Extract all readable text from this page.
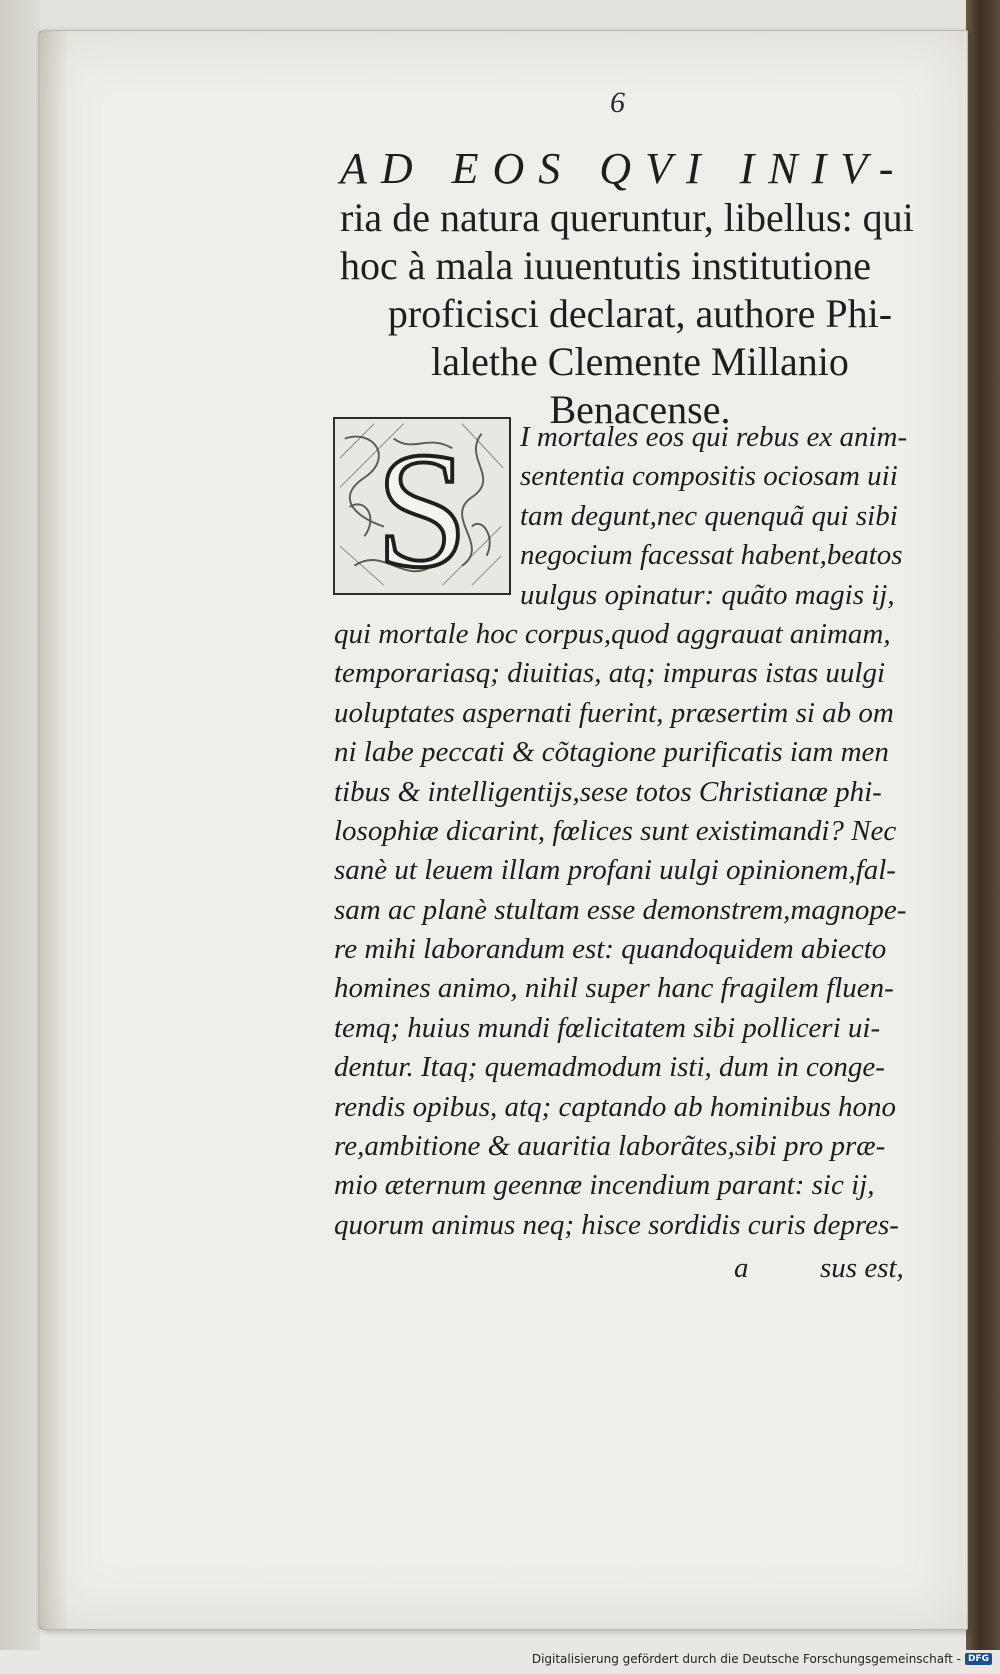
6
AD EOS QVI INIV-
ria de natura queruntur, libellus: qui
hoc à mala iuuentutis institutione
proficisci declarat, authore Phi-
lalethe Clemente Millanio
Benacense.
S	I mortales eos qui rebus ex anim-
sententia compositis ociosam uii
tam degunt,nec quenquã qui sibi
negocium facessat habent,beatos
uulgus opinatur: quãto magis ij,
qui mortale hoc corpus,quod aggrauat animam,
temporariasq; diuitias, atq; impuras istas uulgi
uoluptates aspernati fuerint, præsertim si ab om
ni labe peccati & cõtagione purificatis iam men
tibus & intelligentijs,sese totos Christianæ phi-
losophiæ dicarint, fœlices sunt existimandi? Nec
sanè ut leuem illam profani uulgi opinionem,fal-
sam ac planè stultam esse demonstrem,magnope-
re mihi laborandum est: quandoquidem abiecto
homines animo, nihil super hanc fragilem fluen-
temq; huius mundi fœlicitatem sibi polliceri ui-
dentur. Itaq; quemadmodum isti, dum in conge-
rendis opibus, atq; captando ab hominibus hono
re,ambitione & auaritia laborãtes,sibi pro præ-
mio æternum geennæ incendium parant: sic ij,
quorum animus neq; hisce sordidis curis depres-
a sus est,
Digitalisierung gefördert durch die Deutsche Forschungsgemeinschaft - DFG
